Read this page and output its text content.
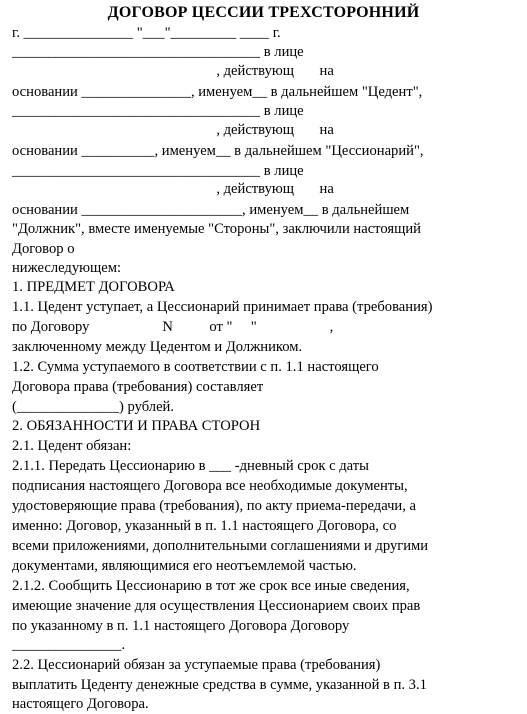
ДОГОВОР ЦЕССИИ ТРЕХСТОРОННИЙ
г. _______________ "___"_________ ____ г.
__________________________________ в лице
, действующ       на
основании _______________, именуем__ в дальнейшем "Цедент",
__________________________________ в лице
, действующ       на
основании __________, именуем__ в дальнейшем "Цессионарий",
__________________________________ в лице
, действующ       на
основании ______________________, именуем__ в дальнейшем
"Должник", вместе именуемые "Стороны", заключили настоящий
Договор о
нижеследующем:
1. ПРЕДМЕТ ДОГОВОРА
1.1. Цедент уступает, а Цессионарий принимает права (требования)
по Договору                    N          от "     "                    ,
заключенному между Цедентом и Должником.
1.2. Сумма уступаемого в соответствии с п. 1.1 настоящего
Договора права (требования) составляет
(______________) рублей.
2. ОБЯЗАННОСТИ И ПРАВА СТОРОН
2.1. Цедент обязан:
2.1.1. Передать Цессионарию в ___ -дневный срок с даты
подписания настоящего Договора все необходимые документы,
удостоверяющие права (требования), по акту приема-передачи, а
именно: Договор, указанный в п. 1.1 настоящего Договора, со
всеми приложениями, дополнительными соглашениями и другими
документами, являющимися его неотъемлемой частью.
2.1.2. Сообщить Цессионарию в тот же срок все иные сведения,
имеющие значение для осуществления Цессионарием своих прав
по указанному в п. 1.1 настоящего Договора Договору
_______________.
2.2. Цессионарий обязан за уступаемые права (требования)
выплатить Цеденту денежные средства в сумме, указанной в п. 3.1
настоящего Договора.
